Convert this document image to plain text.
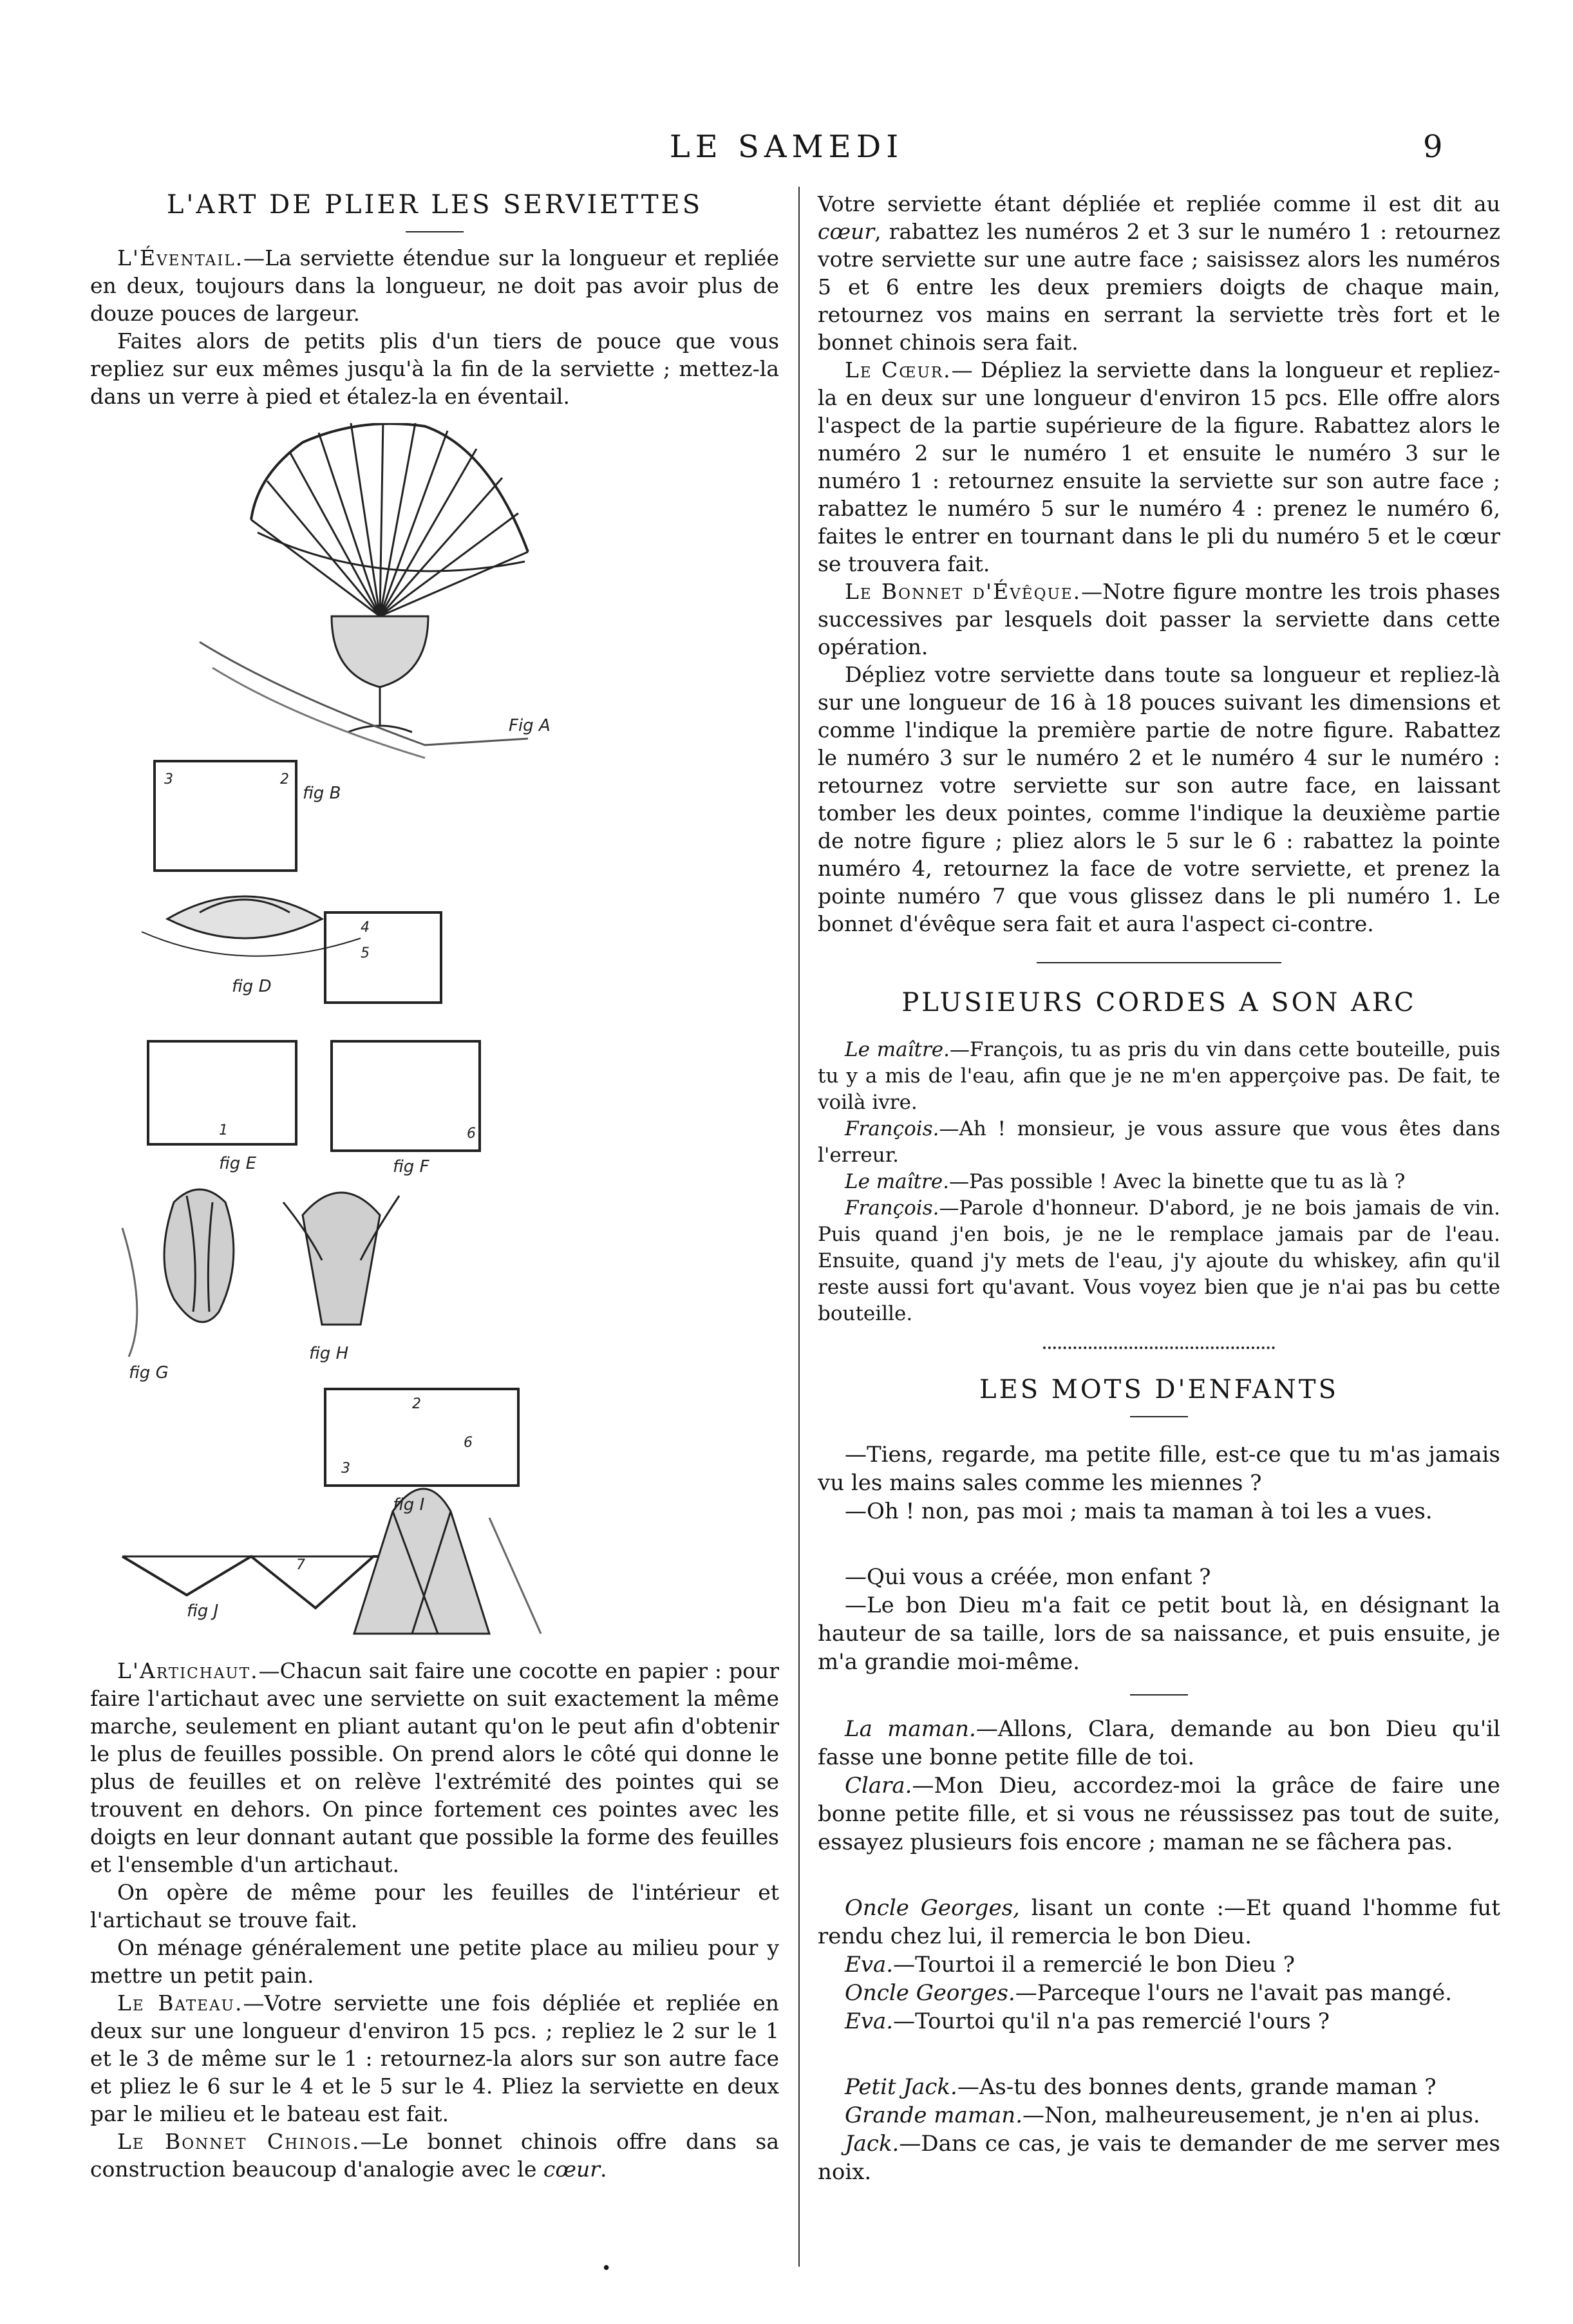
LE SAMEDI	9
L'ART DE PLIER LES SERVIETTES

L'Éventail.—La serviette étendue sur la longueur et repliée en deux, toujours dans la longueur, ne doit pas avoir plus de douze pouces de largeur.

Faites alors de petits plis d'un tiers de pouce que vous repliez sur eux mêmes jusqu'à la fin de la serviette ; mettez-la dans un verre à pied et étalez-la en éventail.

3	2
4
5
1	6
3
2
6
7
Fig A
fig B
fig D
fig E	fig F
fig G
fig H
fig I
fig J

L'Artichaut.—Chacun sait faire une cocotte en papier : pour faire l'artichaut avec une serviette on suit exactement la même marche, seulement en pliant autant qu'on le peut afin d'obtenir le plus de feuilles possible. On prend alors le côté qui donne le plus de feuilles et on relève l'extrémité des pointes qui se trouvent en dehors. On pince fortement ces pointes avec les doigts en leur donnant autant que possible la forme des feuilles et l'ensemble d'un artichaut.

On opère de même pour les feuilles de l'intérieur et l'artichaut se trouve fait.

On ménage généralement une petite place au milieu pour y mettre un petit pain.

Le Bateau.—Votre serviette une fois dépliée et repliée en deux sur une longueur d'environ 15 pcs. ; repliez le 2 sur le 1 et le 3 de même sur le 1 : retournez-la alors sur son autre face et pliez le 6 sur le 4 et le 5 sur le 4. Pliez la serviette en deux par le milieu et le bateau est fait.

Le Bonnet Chinois.—Le bonnet chinois offre dans sa construction beaucoup d'analogie avec le cœur.

Votre serviette étant dépliée et repliée comme il est dit au cœur, rabattez les numéros 2 et 3 sur le numéro 1 : retournez votre serviette sur une autre face ; saisissez alors les numéros 5 et 6 entre les deux premiers doigts de chaque main, retournez vos mains en serrant la serviette très fort et le bonnet chinois sera fait.

Le Cœur.— Dépliez la serviette dans la longueur et repliez-la en deux sur une longueur d'environ 15 pcs. Elle offre alors l'aspect de la partie supérieure de la figure. Rabattez alors le numéro 2 sur le numéro 1 et ensuite le numéro 3 sur le numéro 1 : retournez ensuite la serviette sur son autre face ; rabattez le numéro 5 sur le numéro 4 : prenez le numéro 6, faites le entrer en tournant dans le pli du numéro 5 et le cœur se trouvera fait.

Le Bonnet d'Évêque.—Notre figure montre les trois phases successives par lesquels doit passer la serviette dans cette opération.

Dépliez votre serviette dans toute sa longueur et repliez-là sur une longueur de 16 à 18 pouces suivant les dimensions et comme l'indique la première partie de notre figure. Rabattez le numéro 3 sur le numéro 2 et le numéro 4 sur le numéro : retournez votre serviette sur son autre face, en laissant tomber les deux pointes, comme l'indique la deuxième partie de notre figure ; pliez alors le 5 sur le 6 : rabattez la pointe numéro 4, retournez la face de votre serviette, et prenez la pointe numéro 7 que vous glissez dans le pli numéro 1. Le bonnet d'évêque sera fait et aura l'aspect ci-contre.

PLUSIEURS CORDES A SON ARC

Le maître.—François, tu as pris du vin dans cette bouteille, puis tu y a mis de l'eau, afin que je ne m'en apperçoive pas. De fait, te voilà ivre.

François.—Ah ! monsieur, je vous assure que vous êtes dans l'erreur.

Le maître.—Pas possible ! Avec la binette que tu as là ?

François.—Parole d'honneur. D'abord, je ne bois jamais de vin. Puis quand j'en bois, je ne le remplace jamais par de l'eau. Ensuite, quand j'y mets de l'eau, j'y ajoute du whiskey, afin qu'il reste aussi fort qu'avant. Vous voyez bien que je n'ai pas bu cette bouteille.

LES MOTS D'ENFANTS

—Tiens, regarde, ma petite fille, est-ce que tu m'as jamais vu les mains sales comme les miennes ?

—Oh ! non, pas moi ; mais ta maman à toi les a vues.

—Qui vous a créée, mon enfant ?

—Le bon Dieu m'a fait ce petit bout là, en désignant la hauteur de sa taille, lors de sa naissance, et puis ensuite, je m'a grandie moi-même.

La maman.—Allons, Clara, demande au bon Dieu qu'il fasse une bonne petite fille de toi.

Clara.—Mon Dieu, accordez-moi la grâce de faire une bonne petite fille, et si vous ne réussissez pas tout de suite, essayez plusieurs fois encore ; maman ne se fâchera pas.

Oncle Georges, lisant un conte :—Et quand l'homme fut rendu chez lui, il remercia le bon Dieu.

Eva.—Tourtoi il a remercié le bon Dieu ?

Oncle Georges.—Parceque l'ours ne l'avait pas mangé.

Eva.—Tourtoi qu'il n'a pas remercié l'ours ?

Petit Jack.—As-tu des bonnes dents, grande maman ?

Grande maman.—Non, malheureusement, je n'en ai plus.

Jack.—Dans ce cas, je vais te demander de me server mes noix.

•
